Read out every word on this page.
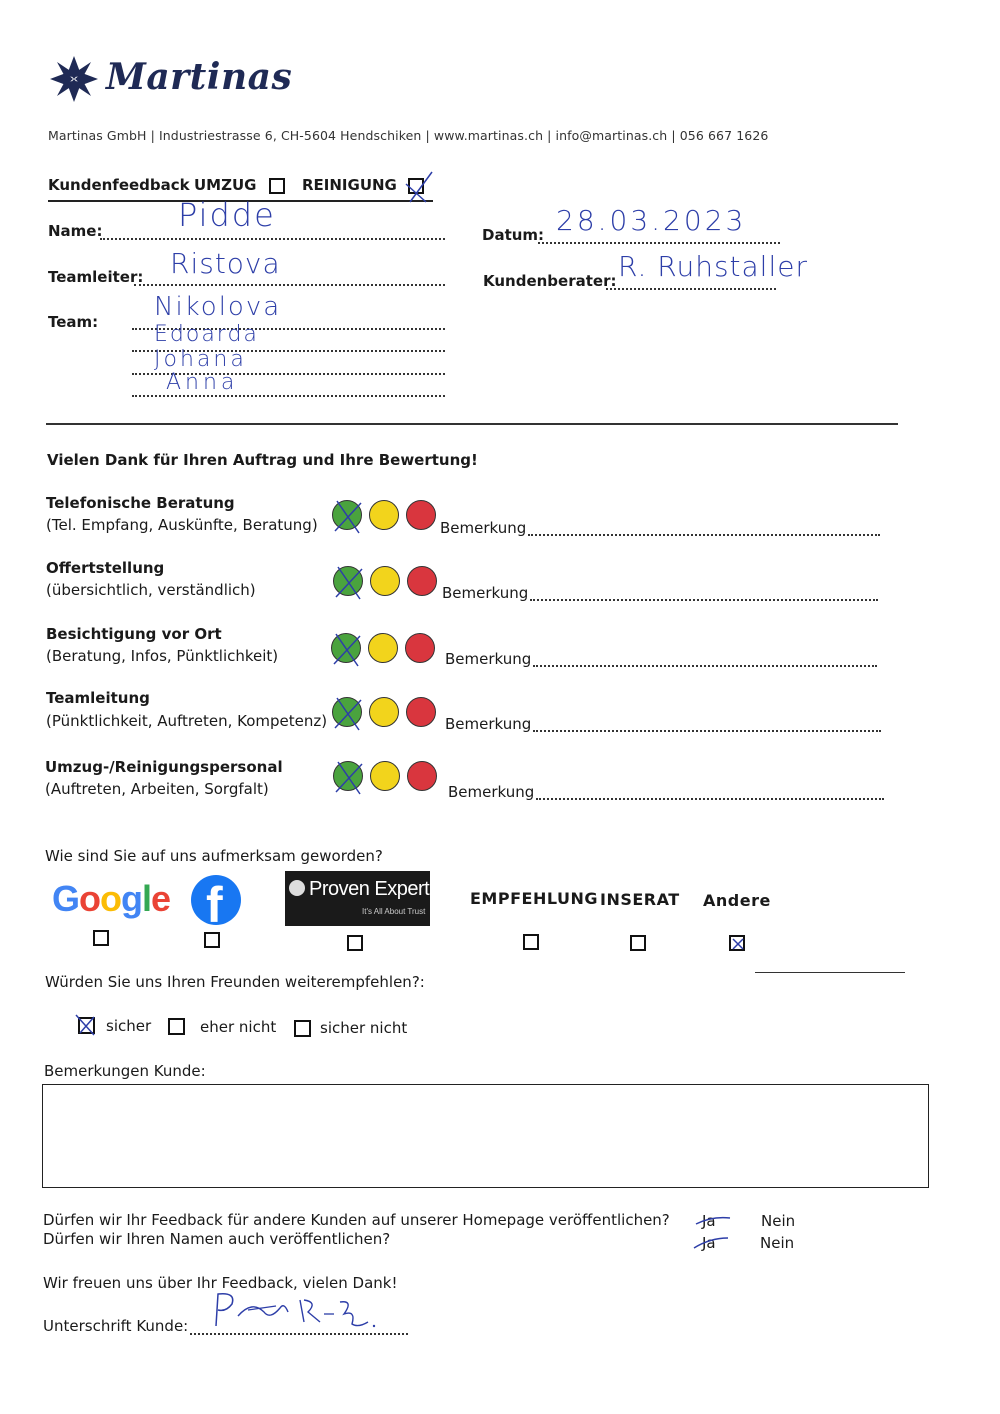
Martinas
Martinas GmbH | Industriestrasse 6, CH-5604 Hendschiken | www.martinas.ch | info@martinas.ch | 056 667 1626
Kundenfeedback UMZUG	REINIGUNG
Name: Pidde
Datum: 28.03.2023
Teamleiter: Ristova
Kundenberater: R. Ruhstaller
Team: Nikolova
Edoarda
Johana
Anna
Vielen Dank für Ihren Auftrag und Ihre Bewertung!
Telefonische Beratung
(Tel. Empfang, Auskünfte, Beratung)	Bemerkung
Offertstellung
(übersichtlich, verständlich)	Bemerkung
Besichtigung vor Ort
(Beratung, Infos, Pünktlichkeit)	Bemerkung
Teamleitung
(Pünktlichkeit, Auftreten, Kompetenz)	Bemerkung
Umzug-/Reinigungspersonal
(Auftreten, Arbeiten, Sorgfalt)	Bemerkung
Wie sind Sie auf uns aufmerksam geworden?
Google f	Proven Expert
It's All About Trust
EMPFEHLUNG INSERAT Andere
Würden Sie uns Ihren Freunden weiterempfehlen?:
sicher	eher nicht	sicher nicht
Bemerkungen Kunde:
Dürfen wir Ihr Feedback für andere Kunden auf unserer Homepage veröffentlichen? Ja	Nein
Dürfen wir Ihren Namen auch veröffentlichen?	Ja	Nein
Wir freuen uns über Ihr Feedback, vielen Dank!
Unterschrift Kunde:
